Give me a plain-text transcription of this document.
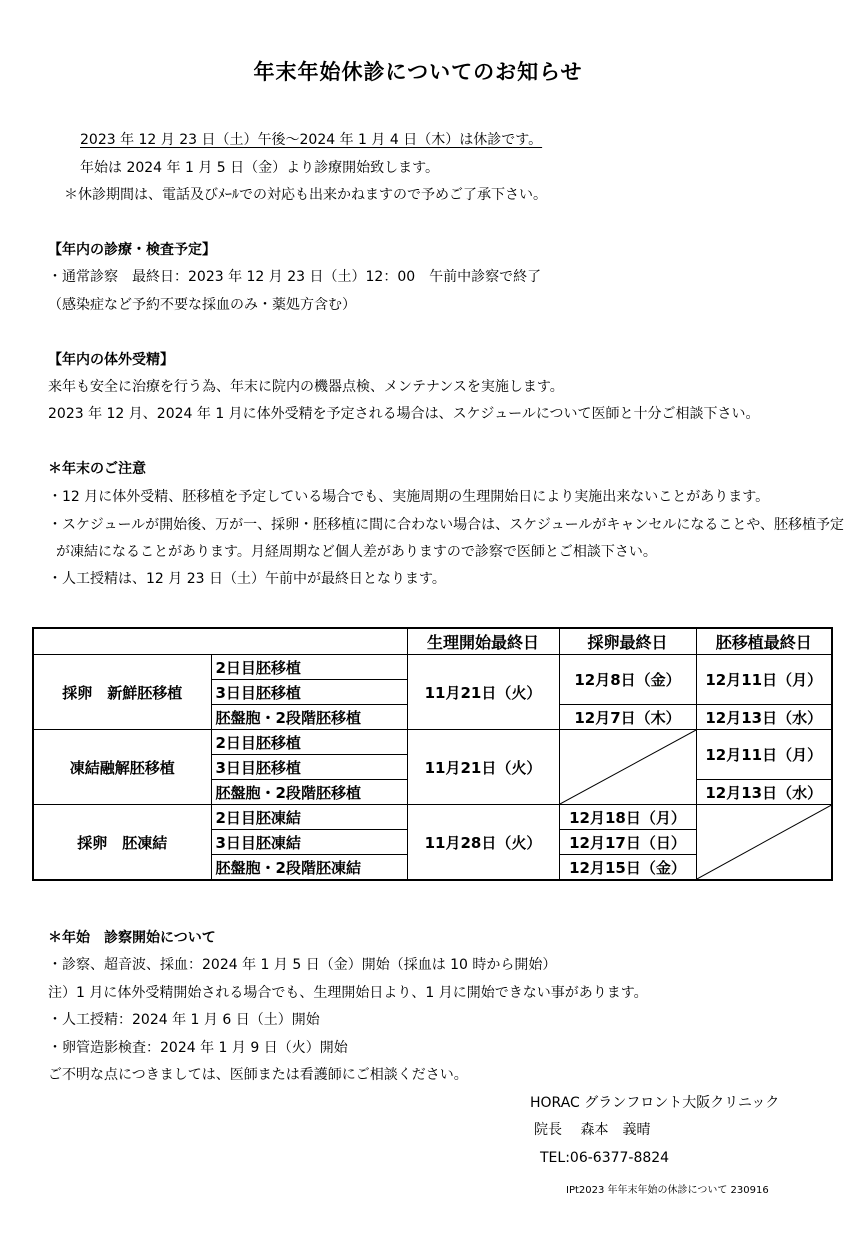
年末年始休診についてのお知らせ
2023 年 12 月 23 日（土）午後～2024 年 1 月 4 日（木）は休診です。
年始は 2024 年 1 月 5 日（金）より診療開始致します。
＊休診期間は、電話及びﾒｰﾙでの対応も出来かねますので予めご了承下さい。
【年内の診療・検査予定】
・通常診察　最終日：2023 年 12 月 23 日（土）12：00　午前中診察で終了
（感染症など予約不要な採血のみ・薬処方含む）
【年内の体外受精】
来年も安全に治療を行う為、年末に院内の機器点検、メンテナンスを実施します。
2023 年 12 月、2024 年 1 月に体外受精を予定される場合は、スケジュールについて医師と十分ご相談下さい。
＊年末のご注意
・12 月に体外受精、胚移植を予定している場合でも、実施周期の生理開始日により実施出来ないことがあります。
・スケジュールが開始後、万が一、採卵・胚移植に間に合わない場合は、スケジュールがキャンセルになることや、胚移植予定
が凍結になることがあります。月経周期など個人差がありますので診察で医師とご相談下さい。
・人工授精は、12 月 23 日（土）午前中が最終日となります。
		生理開始最終日	採卵最終日	胚移植最終日
採卵　新鮮胚移植	2日目胚移植	11月21日（火）	12月8日（金）	12月11日（月）
	3日目胚移植			
	胚盤胞・2段階胚移植		12月7日（木）	12月13日（水）
凍結融解胚移植	2日目胚移植	11月21日（火）		12月11日（月）
	3日目胚移植			
	胚盤胞・2段階胚移植			12月13日（水）
採卵　胚凍結	2日目胚凍結	11月28日（火）	12月18日（月）	

	3日目胚凍結		12月17日（日）	
	胚盤胞・2段階胚凍結		12月15日（金）	
＊年始　診察開始について
・診察、超音波、採血：2024 年 1 月 5 日（金）開始（採血は 10 時から開始）
注）1 月に体外受精開始される場合でも、生理開始日より、1 月に開始できない事があります。
・人工授精：2024 年 1 月 6 日（土）開始
・卵管造影検査：2024 年 1 月 9 日（火）開始
ご不明な点につきましては、医師または看護師にご相談ください。
HORAC グランフロント大阪クリニック
院長　 森本　義晴
TEL:06-6377-8824
IPt2023 年年末年始の休診について 230916
